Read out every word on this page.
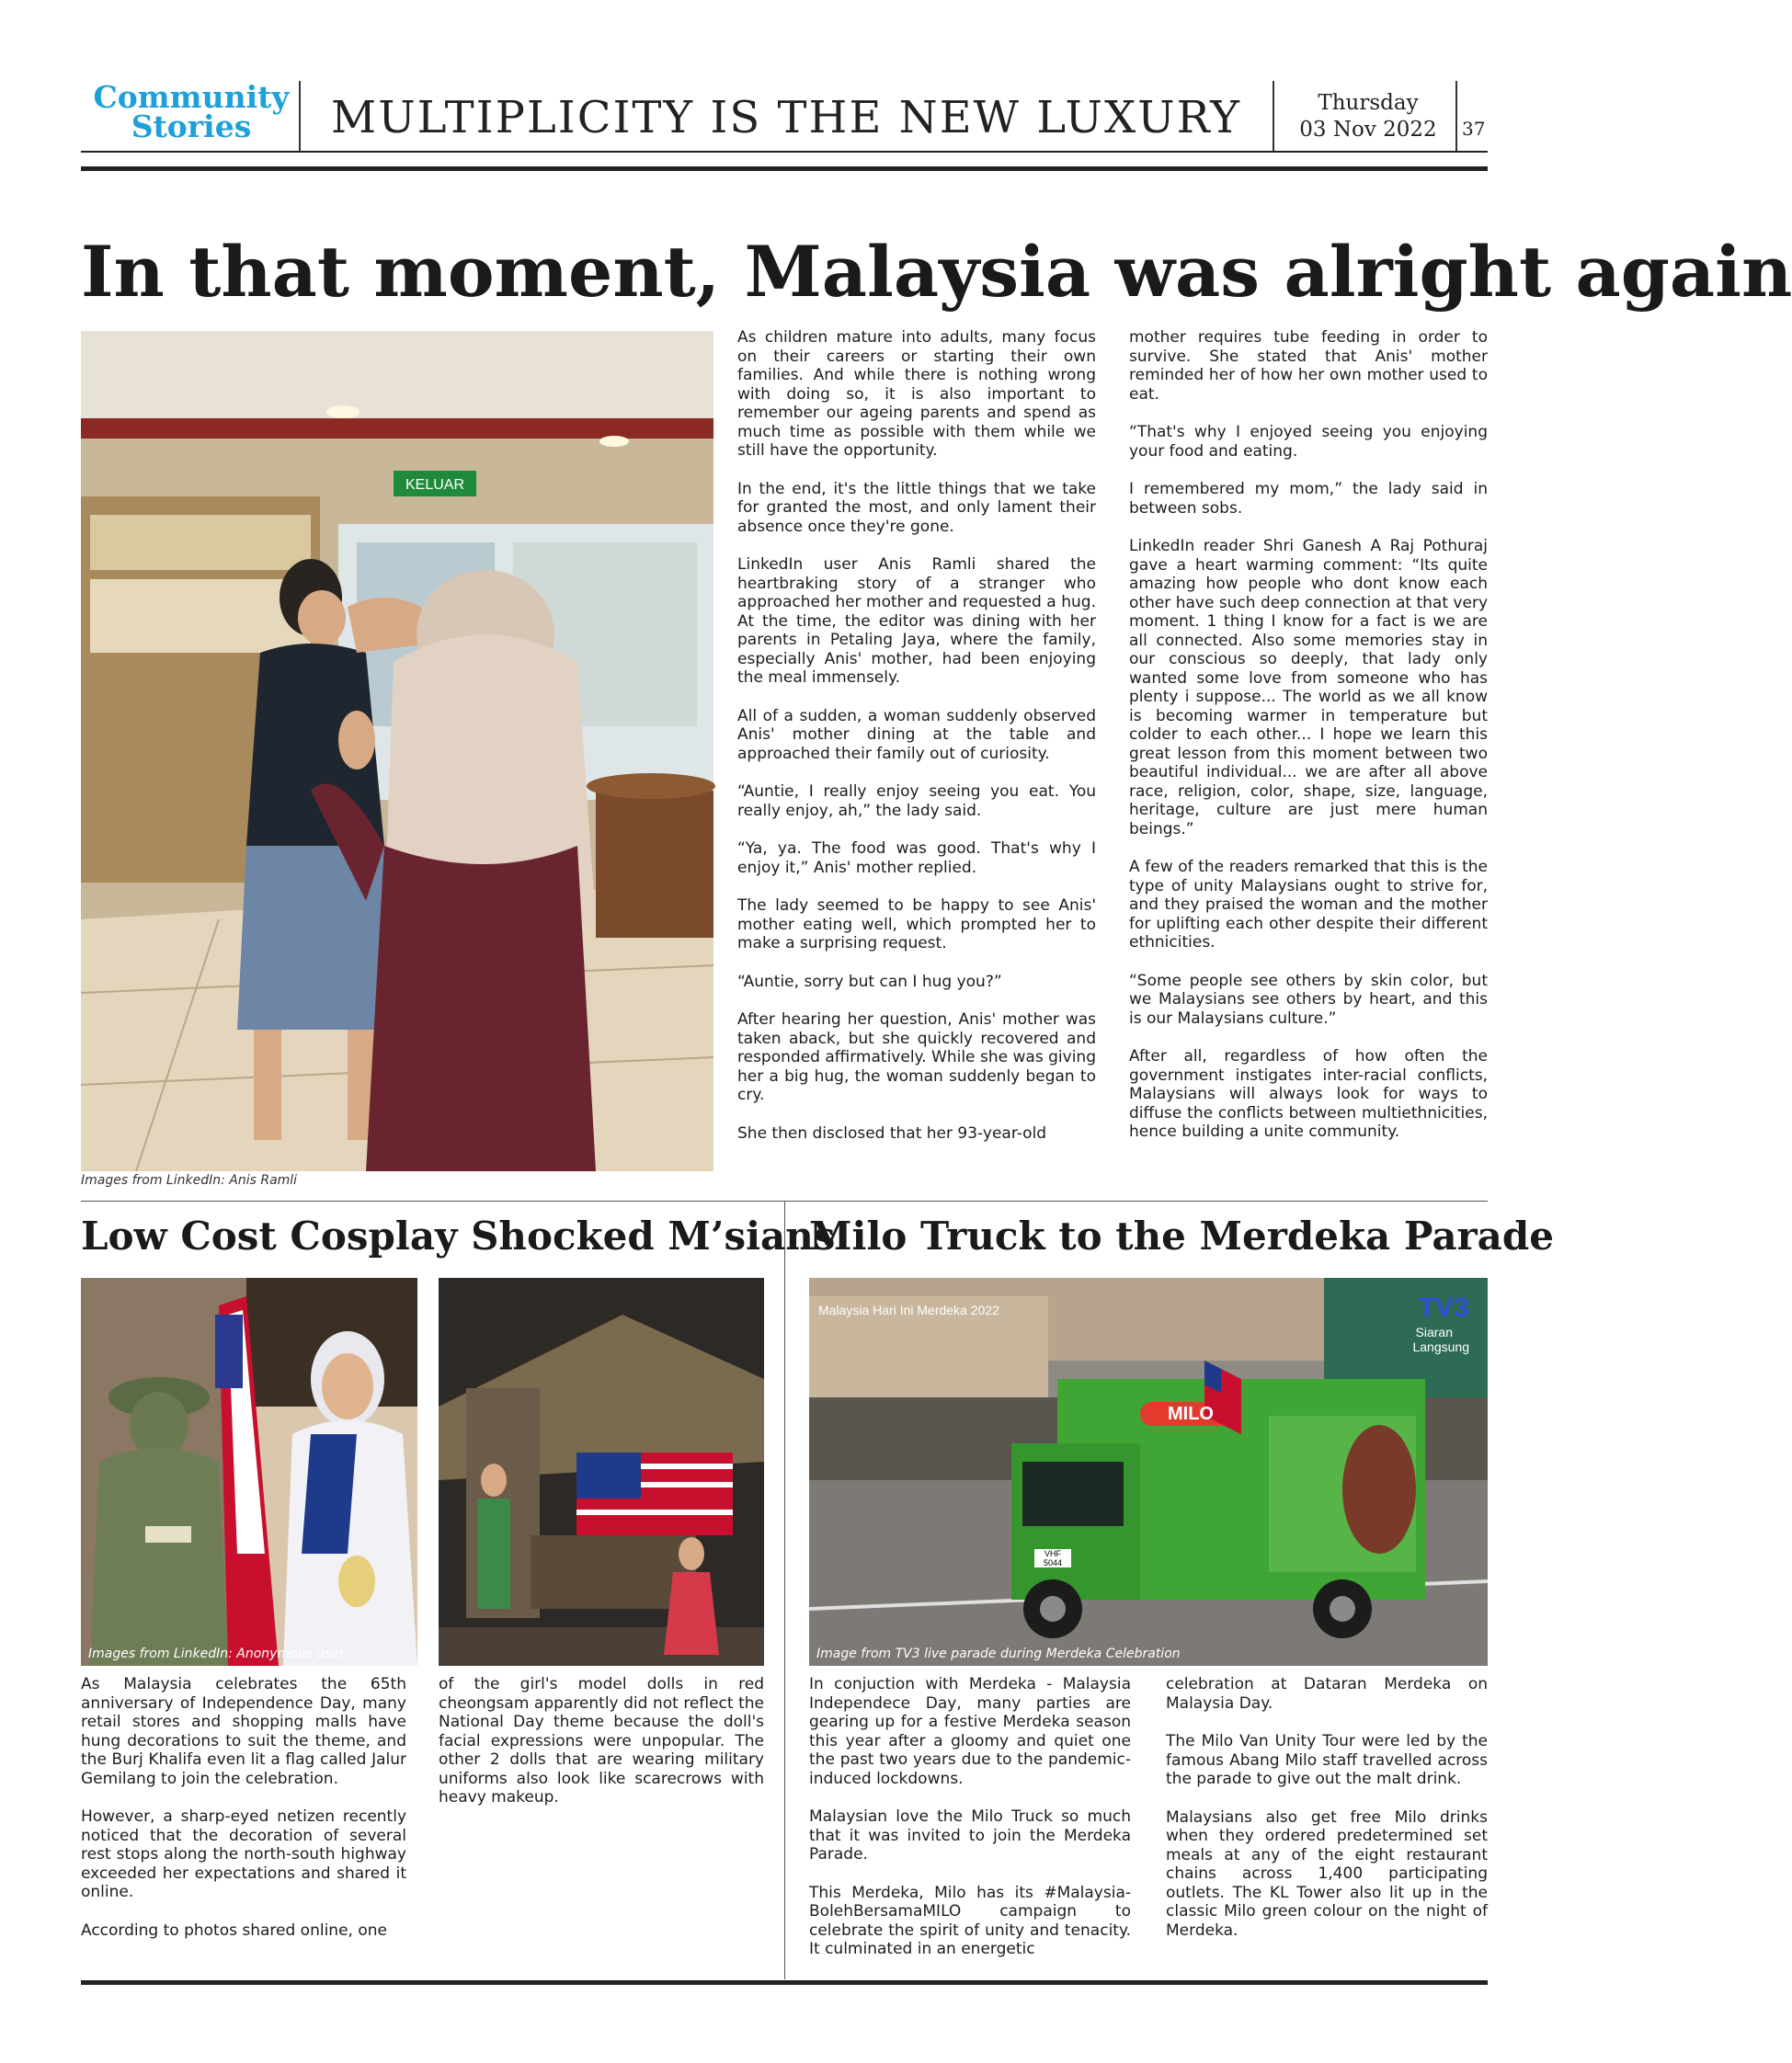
Community
Stories	MULTIPLICITY IS THE NEW LUXURY	Thursday
03 Nov 2022	37
In that moment, Malaysia was alright again
KELUAR
Images from LinkedIn: Anis Ramli

As children mature into adults, many focus on their careers or starting their own families. And while there is nothing wrong with doing so, it is also important to remember our ageing parents and spend as much time as possible with them while we still have the opportunity.

In the end, it's the little things that we take for granted the most, and only lament their absence once they're gone.

LinkedIn user Anis Ramli shared the heartbraking story of a stranger who approached her mother and requested a hug. At the time, the editor was dining with her parents in Petaling Jaya, where the family, especially Anis' mother, had been enjoying the meal immensely.

All of a sudden, a woman suddenly observed Anis' mother dining at the table and approached their family out of curiosity.

“Auntie, I really enjoy seeing you eat. You really enjoy, ah,” the lady said.

“Ya, ya. The food was good. That's why I enjoy it,” Anis' mother replied.

The lady seemed to be happy to see Anis' mother eating well, which prompted her to make a surprising request.

“Auntie, sorry but can I hug you?”

After hearing her question, Anis' mother was taken aback, but she quickly recovered and responded affirmatively. While she was giving her a big hug, the woman suddenly began to cry.

She then disclosed that her 93-year-old

mother requires tube feeding in order to survive. She stated that Anis' mother reminded her of how her own mother used to eat.

“That's why I enjoyed seeing you enjoying your food and eating.

I remembered my mom,” the lady said in between sobs.

LinkedIn reader Shri Ganesh A Raj Pothuraj gave a heart warming comment: “Its quite amazing how people who dont know each other have such deep connection at that very moment. 1 thing I know for a fact is we are all connected. Also some memories stay in our conscious so deeply, that lady only wanted some love from someone who has plenty i suppose... The world as we all know is becoming warmer in temperature but colder to each other... I hope we learn this great lesson from this moment between two beautiful individual... we are after all above race, religion, color, shape, size, language, heritage, culture are just mere human beings.”

A few of the readers remarked that this is the type of unity Malaysians ought to strive for, and they praised the woman and the mother for uplifting each other despite their different ethnicities.

“Some people see others by skin color, but we Malaysians see others by heart, and this is our Malaysians culture.”

After all, regardless of how often the government instigates inter-racial conflicts, Malaysians will always look for ways to diffuse the conflicts between multiethnicities, hence building a unite community.

Low Cost Cosplay Shocked M’sians
Images from LinkedIn: Anonymous user

As Malaysia celebrates the 65th anniversary of Independence Day, many retail stores and shopping malls have hung decorations to suit the theme, and the Burj Khalifa even lit a flag called Jalur Gemilang to join the celebration.

However, a sharp-eyed netizen recently noticed that the decoration of several rest stops along the north-south highway exceeded her expectations and shared it online.

According to photos shared online, one

of the girl's model dolls in red cheongsam apparently did not reflect the National Day theme because the doll's facial expressions were unpopular. The other 2 dolls that are wearing military uniforms also look like scarecrows with heavy makeup.

Milo Truck to the Merdeka Parade
Malaysia Hari Ini Merdeka 2022	TV3
Siaran
Langsung
MILO
VHF
5044
Image from TV3 live parade during Merdeka Celebration

In conjuction with Merdeka - Malaysia Independece Day, many parties are gearing up for a festive Merdeka season this year after a gloomy and quiet one the past two years due to the pandemic-induced lockdowns.

Malaysian love the Milo Truck so much that it was invited to join the Merdeka Parade.

This Merdeka, Milo has its #Malaysia-BolehBersamaMILO campaign to celebrate the spirit of unity and tenacity. It culminated in an energetic

celebration at Dataran Merdeka on Malaysia Day.

The Milo Van Unity Tour were led by the famous Abang Milo staff travelled across the parade to give out the malt drink.

Malaysians also get free Milo drinks when they ordered predetermined set meals at any of the eight restaurant chains across 1,400 participating outlets. The KL Tower also lit up in the classic Milo green colour on the night of Merdeka.
